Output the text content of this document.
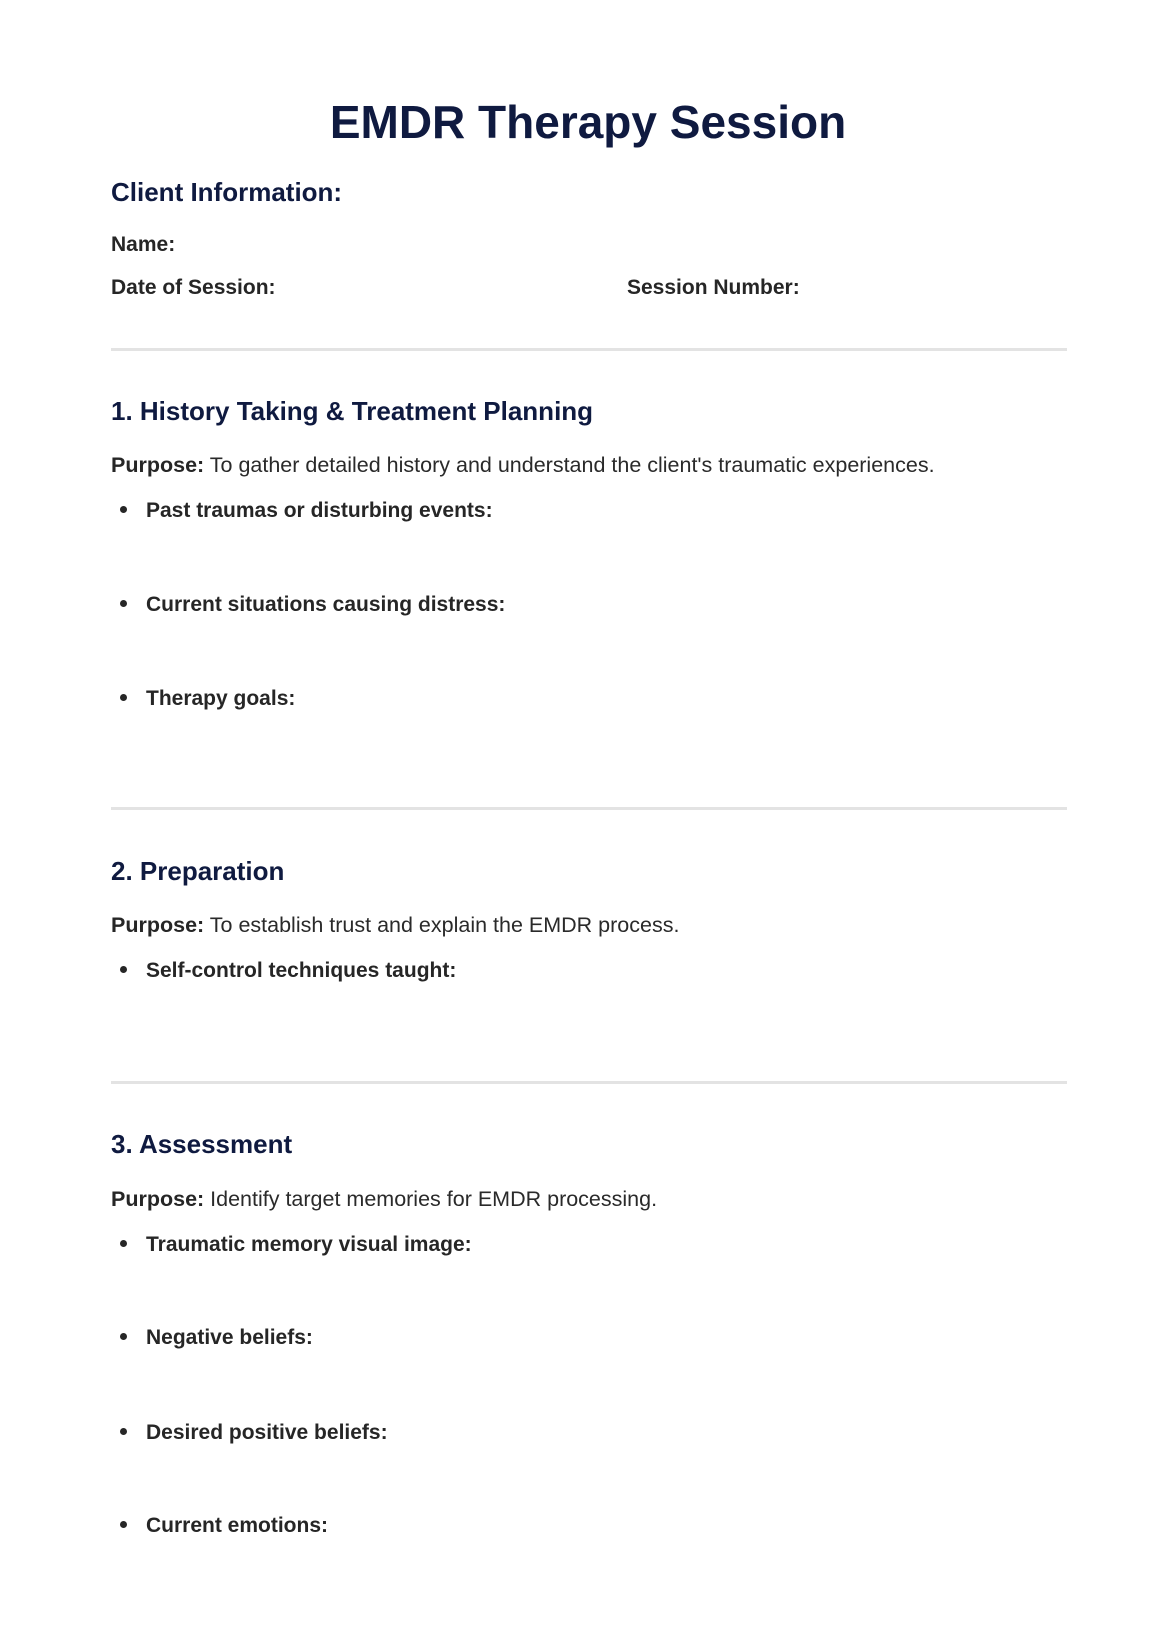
EMDR Therapy Session
Client Information:
Name:
Date of Session:	Session Number:
1. History Taking & Treatment Planning

Purpose: To gather detailed history and understand the client's traumatic experiences.

Past traumas or disturbing events:
Current situations causing distress:
Therapy goals:
2. Preparation

Purpose: To establish trust and explain the EMDR process.

Self-control techniques taught:
3. Assessment

Purpose: Identify target memories for EMDR processing.

Traumatic memory visual image:
Negative beliefs:
Desired positive beliefs:
Current emotions:
